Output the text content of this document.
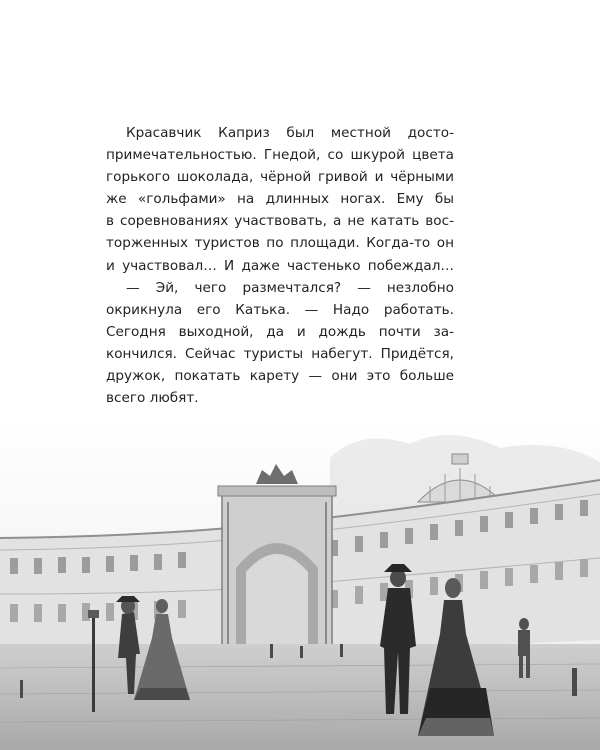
Красавчик Каприз был местной досто-
примечательностью. Гнедой, со шкурой цвета
горького шоколада, чёрной гривой и чёрными
же «гольфами» на длинных ногах. Ему бы
в соревнованиях участвовать, а не катать вос-
торженных туристов по площади. Когда-то он
и участвовал… И даже частенько побеждал…
— Эй, чего размечтался? — незлобно
окрикнула его Катька. — Надо работать.
Сегодня выходной, да и дождь почти за-
кончился. Сейчас туристы набегут. Придётся,
дружок, покатать карету — они это больше
всего любят.
